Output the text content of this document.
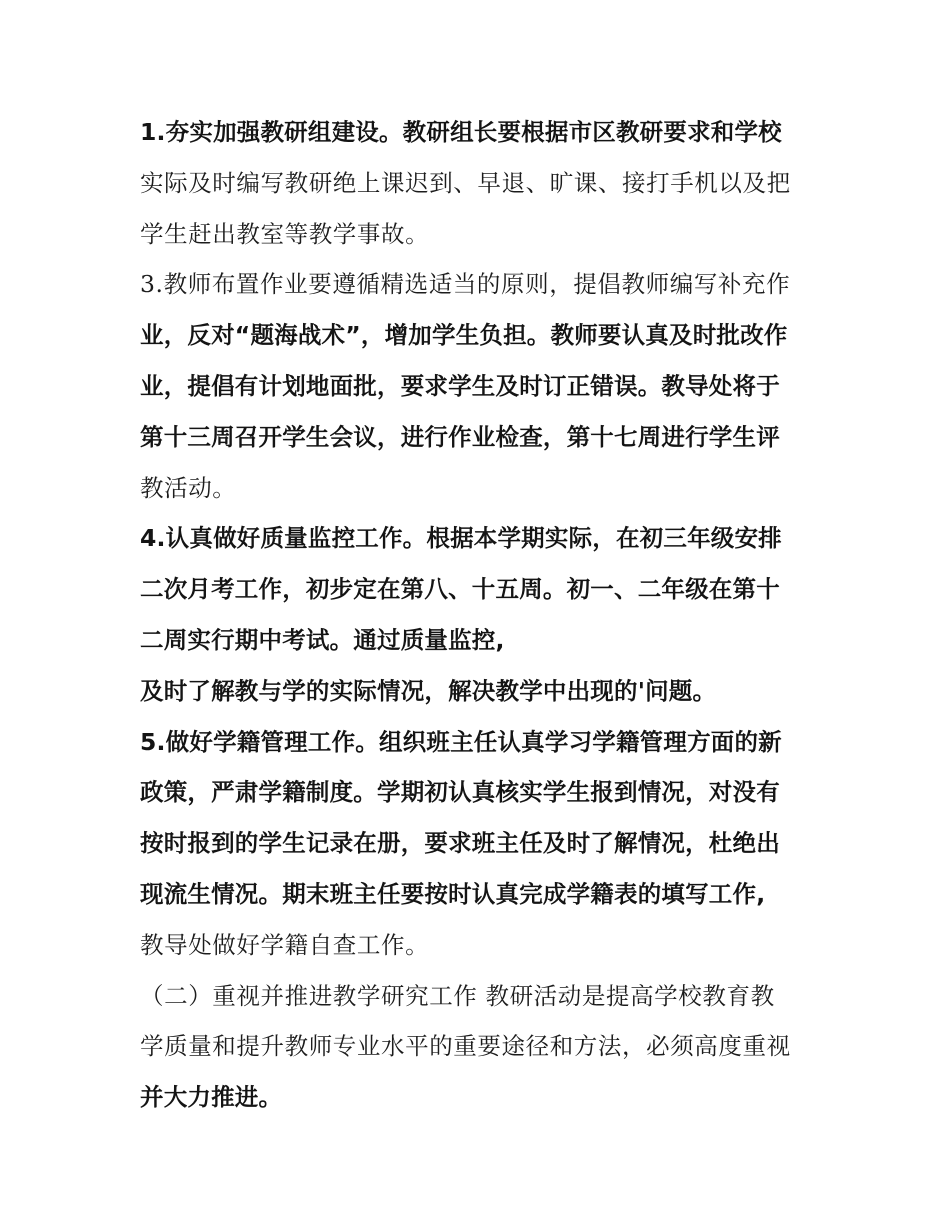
1.夯实加强教研组建设。教研组长要根据市区教研要求和学校
实际及时编写教研绝上课迟到、早退、旷课、接打手机以及把
学生赶出教室等教学事故。
3.教师布置作业要遵循精选适当的原则，提倡教师编写补充作
业，反对“题海战术”，增加学生负担。教师要认真及时批改作
业，提倡有计划地面批，要求学生及时订正错误。教导处将于
第十三周召开学生会议，进行作业检查，第十七周进行学生评
教活动。
4.认真做好质量监控工作。根据本学期实际，在初三年级安排
二次月考工作，初步定在第八、十五周。初一、二年级在第十
二周实行期中考试。通过质量监控,
及时了解教与学的实际情况，解决教学中出现的'问题。
5.做好学籍管理工作。组织班主任认真学习学籍管理方面的新
政策，严肃学籍制度。学期初认真核实学生报到情况，对没有
按时报到的学生记录在册，要求班主任及时了解情况，杜绝出
现流生情况。期末班主任要按时认真完成学籍表的填写工作,
教导处做好学籍自查工作。
（二）重视并推进教学研究工作 教研活动是提高学校教育教
学质量和提升教师专业水平的重要途径和方法，必须高度重视
并大力推进。
